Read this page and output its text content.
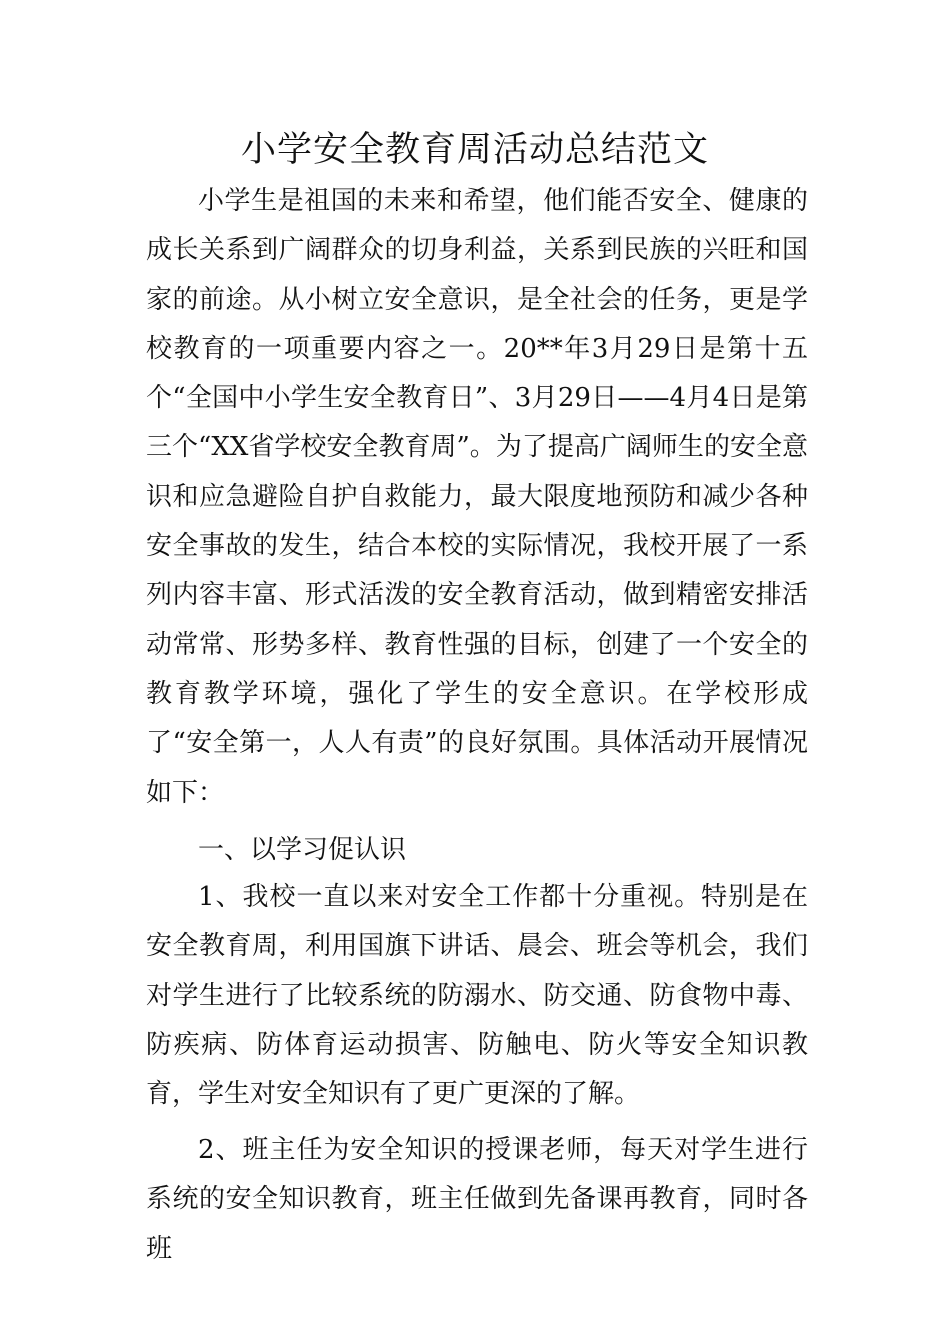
小学安全教育周活动总结范文

小学生是祖国的未来和希望，他们能否安全、健康的成长关系到广阔群众的切身利益，关系到民族的兴旺和国家的前途。从小树立安全意识，是全社会的任务，更是学校教育的一项重要内容之一。20**年3月29日是第十五个“全国中小学生安全教育日”、3月29日——4月4日是第三个“XX省学校安全教育周”。为了提高广阔师生的安全意识和应急避险自护自救能力，最大限度地预防和减少各种安全事故的发生，结合本校的实际情况，我校开展了一系列内容丰富、形式活泼的安全教育活动，做到精密安排活动常常、形势多样、教育性强的目标，创建了一个安全的教育教学环境，强化了学生的安全意识。在学校形成了“安全第一，人人有责”的良好氛围。具体活动开展情况如下：

一、以学习促认识

1、我校一直以来对安全工作都十分重视。特别是在安全教育周，利用国旗下讲话、晨会、班会等机会，我们对学生进行了比较系统的防溺水、防交通、防食物中毒、防疾病、防体育运动损害、防触电、防火等安全知识教育，学生对安全知识有了更广更深的了解。

2、班主任为安全知识的授课老师，每天对学生进行系统的安全知识教育，班主任做到先备课再教育，同时各班
